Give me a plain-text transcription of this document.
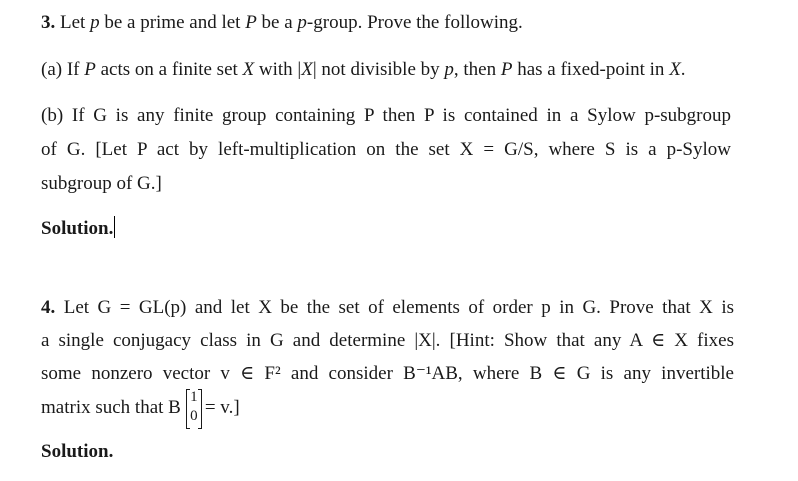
3. Let p be a prime and let P be a p-group. Prove the following.
(a) If P acts on a finite set X with |X| not divisible by p, then P has a fixed-point in X.
(b) If G is any finite group containing P then P is contained in a Sylow p-subgroup
of G. [Let P act by left-multiplication on the set X = G/S, where S is a p-Sylow
subgroup of G.]
Solution.
4. Let G = GL(p) and let X be the set of elements of order p in G. Prove that X is
a single conjugacy class in G and determine |X|. [Hint: Show that any A ∈ X fixes
some nonzero vector v ∈ F² and consider B⁻¹AB, where B ∈ G is any invertible
matrix such that B
1
0 = v.]
Solution.
